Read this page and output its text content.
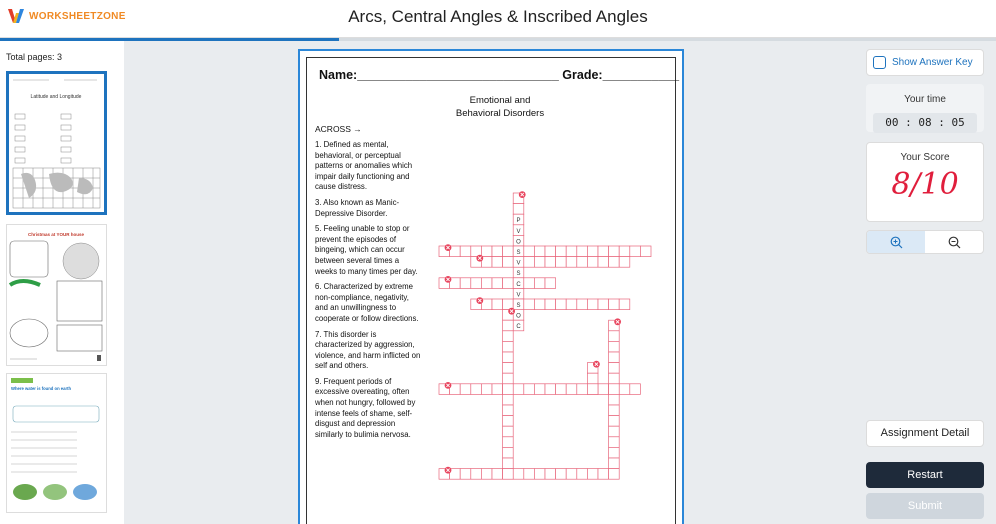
WORKSHEETZONE	Arcs, Central Angles & Inscribed Angles
Total pages: 3
Latitude and Longitude
Christmas at YOUR house
Where water is found on earth
Name:_____________________________ Grade:___________
Emotional and Behavioral Disorders
ACROSS →

1. Defined as mental, behavioral, or perceptual patterns or anomalies which impair daily functioning and cause distress.

3. Also known as Manic-Depressive Disorder.

5. Feeling unable to stop or prevent the episodes of bingeing, which can occur between several times a weeks to many times per day.

6. Characterized by extreme non-compliance, negativity, and an unwillingness to cooperate or follow directions.

7. This disorder is characterized by aggression, violence, and harm inflicted on self and others.

9. Frequent periods of excessive overeating, often when not hungry, followed by intense feels of shame, self-disgust and depression similarly to bulimia nervosa.

P
V
O
S
V
S
C
V
S
O
C
Show Answer Key
Your time
00 : 08 : 05
Your Score
8/10
Assignment Detail
Restart
Submit
